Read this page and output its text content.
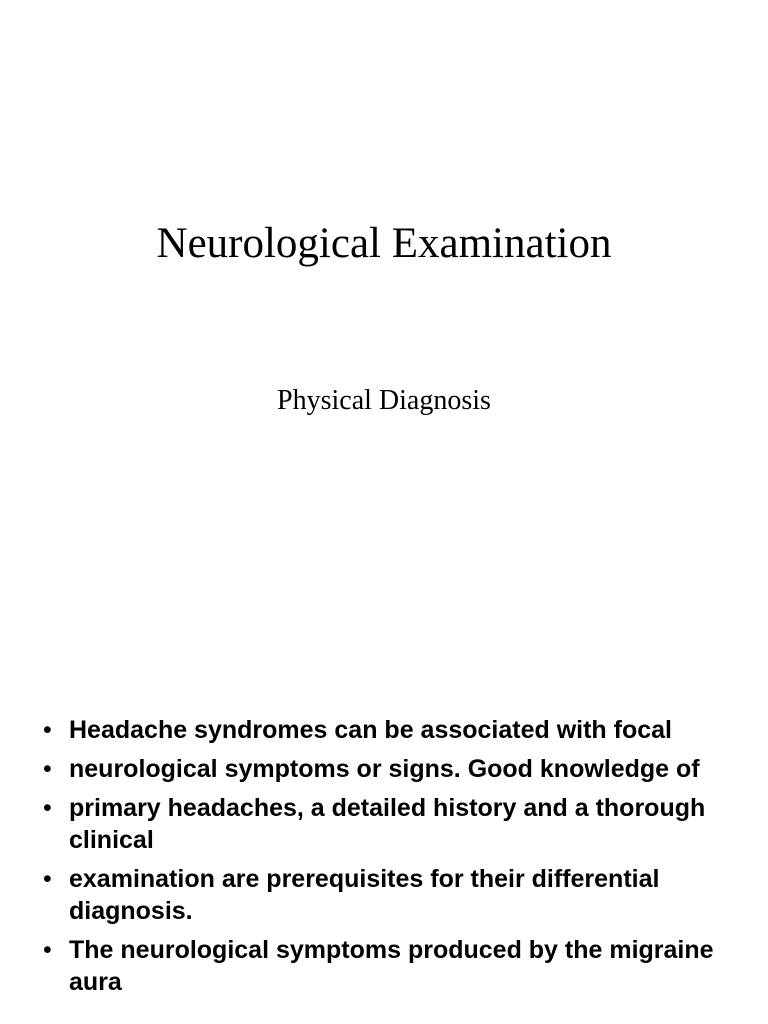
Neurological Examination
Physical Diagnosis
• Headache syndromes can be associated with focal
• neurological symptoms or signs. Good knowledge of
• primary headaches, a detailed history and a thorough clinical
• examination are prerequisites for their differential diagnosis.
• The neurological symptoms produced by the migraine aura
